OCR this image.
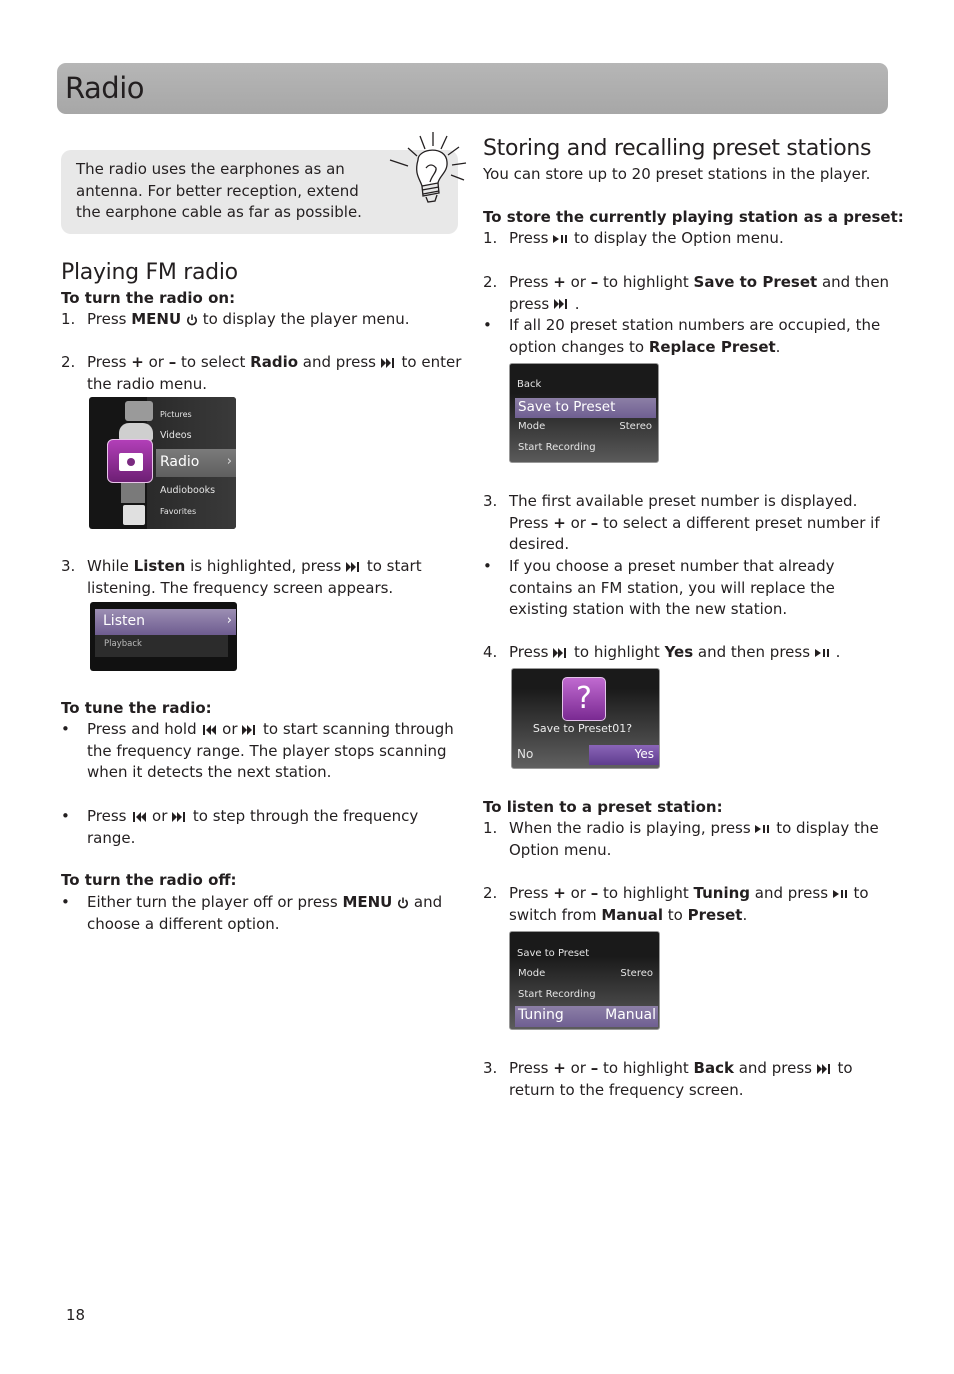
Radio

The radio uses the earphones as an antenna. For better reception, extend the earphone cable as far as possible.

Playing FM radio
To turn the radio on:
1. Press MENU  to display the player menu.
2. Press + or – to select Radio and press  to enter
the radio menu.
Pictures
Videos
Radio ›
Audiobooks
Favorites
3. While Listen is highlighted, press  to start
listening. The frequency screen appears.
Listen	›
Playback
To tune the radio:
• Press and hold  or  to start scanning through
the frequency range. The player stops scanning
when it detects the next station.
• Press  or  to step through the frequency
range.
To turn the radio off:
• Either turn the player off or press MENU  and
choose a different option.
Storing and recalling preset stations
You can store up to 20 preset stations in the player.
To store the currently playing station as a preset:
1. Press  to display the Option menu.
2. Press + or – to highlight Save to Preset and then
press  .
• If all 20 preset station numbers are occupied, the
option changes to Replace Preset.
Back
Save to Preset
Mode	Stereo
Start Recording
3. The first available preset number is displayed.
Press + or – to select a different preset number if
desired.
• If you choose a preset number that already
contains an FM station, you will replace the
existing station with the new station.
4. Press  to highlight Yes and then press  .
?
Save to Preset01?
No	Yes
To listen to a preset station:
1. When the radio is playing, press  to display the
Option menu.
2. Press + or – to highlight Tuning and press  to
switch from Manual to Preset.
Save to Preset
Mode	Stereo
Start Recording
Tuning	Manual
3. Press + or – to highlight Back and press  to
return to the frequency screen.
18
